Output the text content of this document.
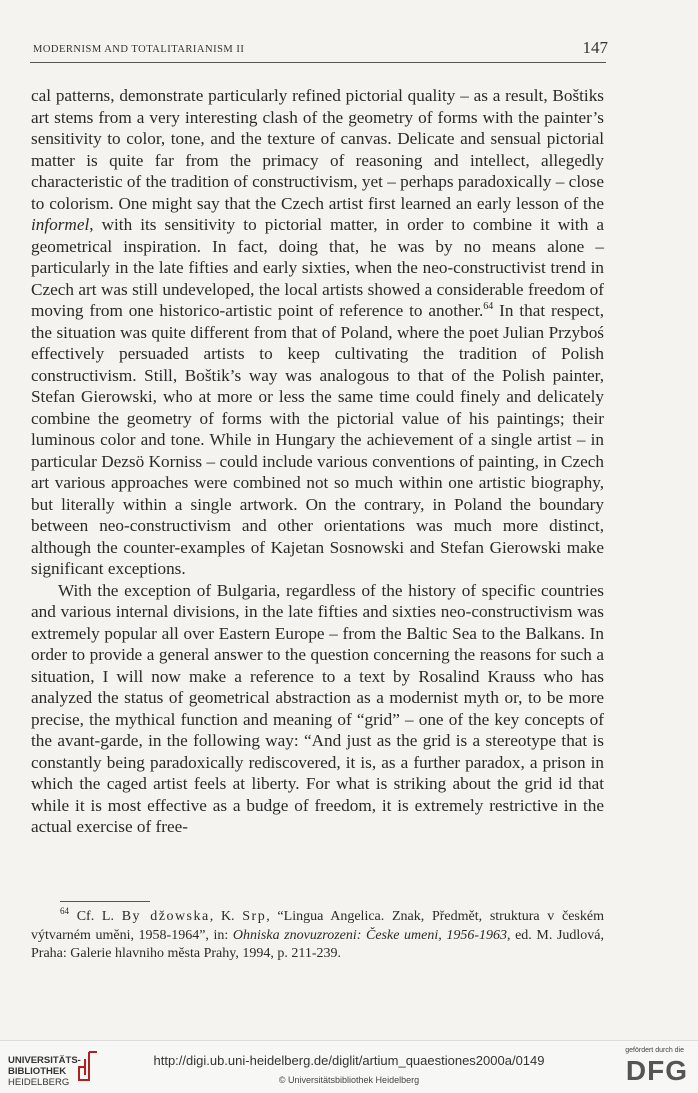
MODERNISM AND TOTALITARIANISM II	147

cal patterns, demonstrate particularly refined pictorial quality – as a result, Boštiks art stems from a very interesting clash of the geometry of forms with the painter’s sensitivity to color, tone, and the texture of canvas. Delicate and sensual pictorial matter is quite far from the primacy of reasoning and intellect, allegedly characteristic of the tradition of constructivism, yet – perhaps paradoxically – close to colorism. One might say that the Czech artist first learned an early lesson of the informel, with its sensitivity to pictorial matter, in order to combine it with a geometrical inspiration. In fact, doing that, he was by no means alone – particularly in the late fifties and early sixties, when the neo-constructivist trend in Czech art was still undeveloped, the local artists showed a considerable freedom of moving from one historico-artistic point of reference to another.$^{64}$ In that respect, the situation was quite different from that of Poland, where the poet Julian Przyboś effectively persuaded artists to keep cultivating the tradition of Polish constructivism. Still, Boštik’s way was analogous to that of the Polish painter, Stefan Gierowski, who at more or less the same time could finely and delicately combine the geometry of forms with the pictorial value of his paintings; their luminous color and tone. While in Hungary the achievement of a single artist – in particular Dezsö Korniss – could include various conventions of painting, in Czech art various approaches were combined not so much within one artistic biography, but literally within a single artwork. On the contrary, in Poland the boundary between neo-constructivism and other orientations was much more distinct, although the counter-examples of Kajetan Sosnowski and Stefan Gierowski make significant exceptions.

With the exception of Bulgaria, regardless of the history of specific countries and various internal divisions, in the late fifties and sixties neo-constructivism was extremely popular all over Eastern Europe – from the Baltic Sea to the Balkans. In order to provide a general answer to the question concerning the reasons for such a situation, I will now make a reference to a text by Rosalind Krauss who has analyzed the status of geometrical abstraction as a modernist myth or, to be more precise, the mythical function and meaning of “grid” – one of the key concepts of the avant-garde, in the following way: “And just as the grid is a stereotype that is constantly being paradoxically rediscovered, it is, as a further paradox, a prison in which the caged artist feels at liberty. For what is striking about the grid id that while it is most effective as a budge of freedom, it is extremely restrictive in the actual exercise of free-

$^{64}$ Cf. L. By džowska, K. Srp, “Lingua Angelica. Znak, Předmět, struktura v českém výtvarném uměni, 1958-1964”, in: Ohniska znovuzrozeni: Česke umeni, 1956-1963, ed. M. Judlová, Praha: Galerie hlavniho města Prahy, 1994, p. 211-239.

UNIVERSITÄTS-
BIBLIOTHEK
HEIDELBERG
http://digi.ub.uni-heidelberg.de/diglit/artium_quaestiones2000a/0149
© Universitätsbibliothek Heidelberg
gefördert durch die
DFG
